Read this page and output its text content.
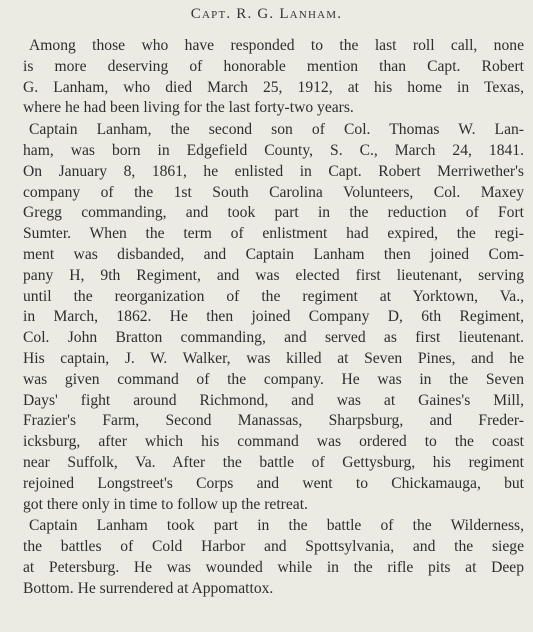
Capt. R. G. Lanham.
Among those who have responded to the last roll call, none
is more deserving of honorable mention than Capt. Robert
G. Lanham, who died March 25, 1912, at his home in Texas,
where he had been living for the last forty-two years.
Captain Lanham, the second son of Col. Thomas W. Lan-
ham, was born in Edgefield County, S. C., March 24, 1841.
On January 8, 1861, he enlisted in Capt. Robert Merriwether's
company of the 1st South Carolina Volunteers, Col. Maxey
Gregg commanding, and took part in the reduction of Fort
Sumter. When the term of enlistment had expired, the regi-
ment was disbanded, and Captain Lanham then joined Com-
pany H, 9th Regiment, and was elected first lieutenant, serving
until the reorganization of the regiment at Yorktown, Va.,
in March, 1862. He then joined Company D, 6th Regiment,
Col. John Bratton commanding, and served as first lieutenant.
His captain, J. W. Walker, was killed at Seven Pines, and he
was given command of the company. He was in the Seven
Days' fight around Richmond, and was at Gaines's Mill,
Frazier's Farm, Second Manassas, Sharpsburg, and Freder-
icksburg, after which his command was ordered to the coast
near Suffolk, Va. After the battle of Gettysburg, his regiment
rejoined Longstreet's Corps and went to Chickamauga, but
got there only in time to follow up the retreat.
Captain Lanham took part in the battle of the Wilderness,
the battles of Cold Harbor and Spottsylvania, and the siege
at Petersburg. He was wounded while in the rifle pits at Deep
Bottom. He surrendered at Appomattox.
